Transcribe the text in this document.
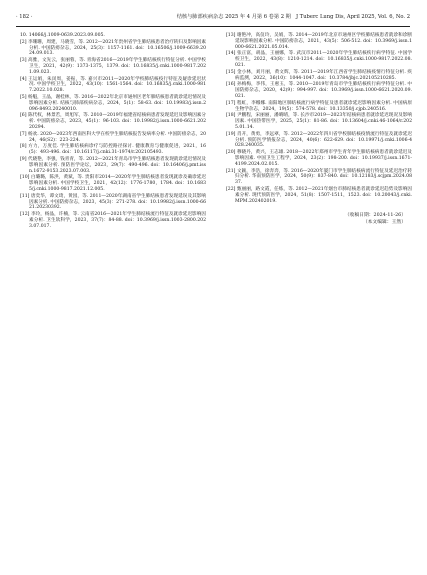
· 182 ·	结核与肺部疾病杂志 2025 年 4 月第 6 卷第 2 期　J Tuberc Lung Dis, April 2025, Vol. 6, No. 2

10. 14066/j.1009-0639.2023.09.005.

[2] 李珊珊，周建，马晓雪，等. 2012—2021年贵州省学生肺结核患者治疗转归及影响因素分析. 中国防痨杂志，2024，25(3)：1157-1161. doi：10.16506/j.1009-6639.2024.09.013.

[3] 高雅，文先云，张丽蓉，等. 青海省2016—2019年学生肺结核疾行特征分析. 中国学校卫生，2021，42(9)：1373-1375，1379. doi：10.16835/j.cnki.1000-9817.2021.09.023.

[4] 王运娟，朱闵周，姜振，等. 嘉兴市2011—2020年学校肺结核疫行特征及疑诊延迟状况. 中国学校卫生，2022，43(10)：1561-1564. doi：10.16835/j.cnki.1000-9817.2022.10.028.

[5] 杨魁，王晶，谢桂林，等. 2016—2022年北京市通州区老年肺结核患者就诊延迟情况及影响因素分析. 结核与肺部疾病杂志，2024，5(1)：58-63. doi：10.19983/j.issn.2096-8493.20240010.

[6] 陈代权，林景若，周旭军，等. 2010—2019年福建省结核病患者发现延迟及影响因素分析. 中国防痨杂志，2023，45(1)：96-103. doi：10.19982/j.issn.1000-6621.20220294.

[7] 杨欢. 2020—2023年西南医科大学在校学生肺结核报告发病率分析. 中国防痨杂志，2024，46(S2)：223-224.

[8] 方力，万度佳. 学生肺结核病诊疗与防控路径探讨. 健康教育与健康促进，2021，16(5)：493-496. doi：10.16117/j.cnki.31-1974/r.202105493.

[9] 代晓艳，李强，钱青青，等. 2012—2021年青岛市学生肺结核患者发现就诊延迟情况及影响因素分析. 预防医学论坛，2023，29(7)：490-496. doi：10.16406/j.pmt.issn.1672-9153.2023.07.003.

[10] 白璐璐，陈洪，黄斌，等. 贵阳市2014—2020年学生肺结核患者发现就诊及确诊延迟影响因素分析. 中国学校卫生，2021，42(12)：1776-1780，1784. doi：10.16835/j.cnki.1000-9817.2021.12.005.

[11] 唐奕华，谭文琦，黄园，等. 2011—2020年湖南省学生肺结核患者发现延误及其影响因素分析. 中国防痨杂志，2023，45(3)：271-278. doi：10.19982/j.issn.1000-6621.20230392.

[12] 李玲，杨晶，许楠，等. 云南省2016—2021年学生肺结核流行特征及就诊延迟影响因素分析. 卫生软科学，2023，37(7)：84-88. doi：10.3969/j.issn.1003-2800.2023.07.017.

[13] 谢艳冲，高仪玲，吴娟，等. 2014—2019年北京市通州区学校肺结核患者就诊和诊断延误影响因素分析. 中国防痨杂志，2021，43(5)：506-512. doi：10.3969/j.issn.1000-6621.2021.05.014.

[14] 张正富，胡晶，王丽娜，等. 武汉市2011—2020年学生肺结核疾行病学特征. 中国学校卫生，2022，43(8)：1210-1214. doi：10.16835/j.cnki.1000-9817.2022.08.021.

[15] 金小林，刘月丽，黄文辉，等. 2011—2019年江西省学生肺结核疫情行特征分析. 疾病监测，2022，36(10)：1044-1047. doi：10.3784/jbjc.202105210285.

[16] 孙梅梅，李伟，王惠玉，等. 2010—2019年青岛市学生肺结核疾行病学特征分析. 中国防痨杂志，2020，42(9)：994-997. doi：10.3969/j.issn.1000-6621.2020.09.021.

[17] 程虹，李娜娜. 南阳地区肺结核流行病学特征及患者就诊延迟影响因素分析. 中国病原生物学杂志，2024，19(5)：574-578. doi：10.13350/j.cjpb.240516.

[18] 尹鹏程，宋丽丽，潘晴晴，等. 长沙市2019—2023年结核病患者就诊延迟现况及影响因素. 中国热带医学，2025，25(1)：81-86. doi：10.13604/j.cnki.46-1064/r.2025.01.14.

[19] 肖开，黄勇，李远翠，等. 2012—2022年四川省学校肺结核疫情流行特征及就诊延迟分析. 预防医学情报杂志，2024，40(6)：622-629. doi：10.19971/j.cnki.1006-4028.240035.

[20] 穆晓丹，黄兴，王志雄. 2018—2022年郑州市学生青年学生肺结核病患者就诊延迟及影响因素. 中国卫生工程学，2024，23(2)：198-200. doi：10.19937/j.issn.1671-4199.2024.02.015.

[21] 文颖，李浩，徐奔奔，等. 2016—2020年厦门市学生肺结核病流行特征及延迟治疗转归分析. 华南预防医学，2024，50(9)：837-840. doi：10.12183/j.scjpm.2024.0837.

[22] 甄丽丽，路文霞，任练，等. 2012—2021年烟台市肺结核患者就诊延迟趋势及影响因素分析. 现代预防医学，2024，51(8)：1507-1511，1523. doi：10.20043/j.cnki.MPM.202402019.

（收稿日期：2024-11-26）
（本文编辑：王然）
